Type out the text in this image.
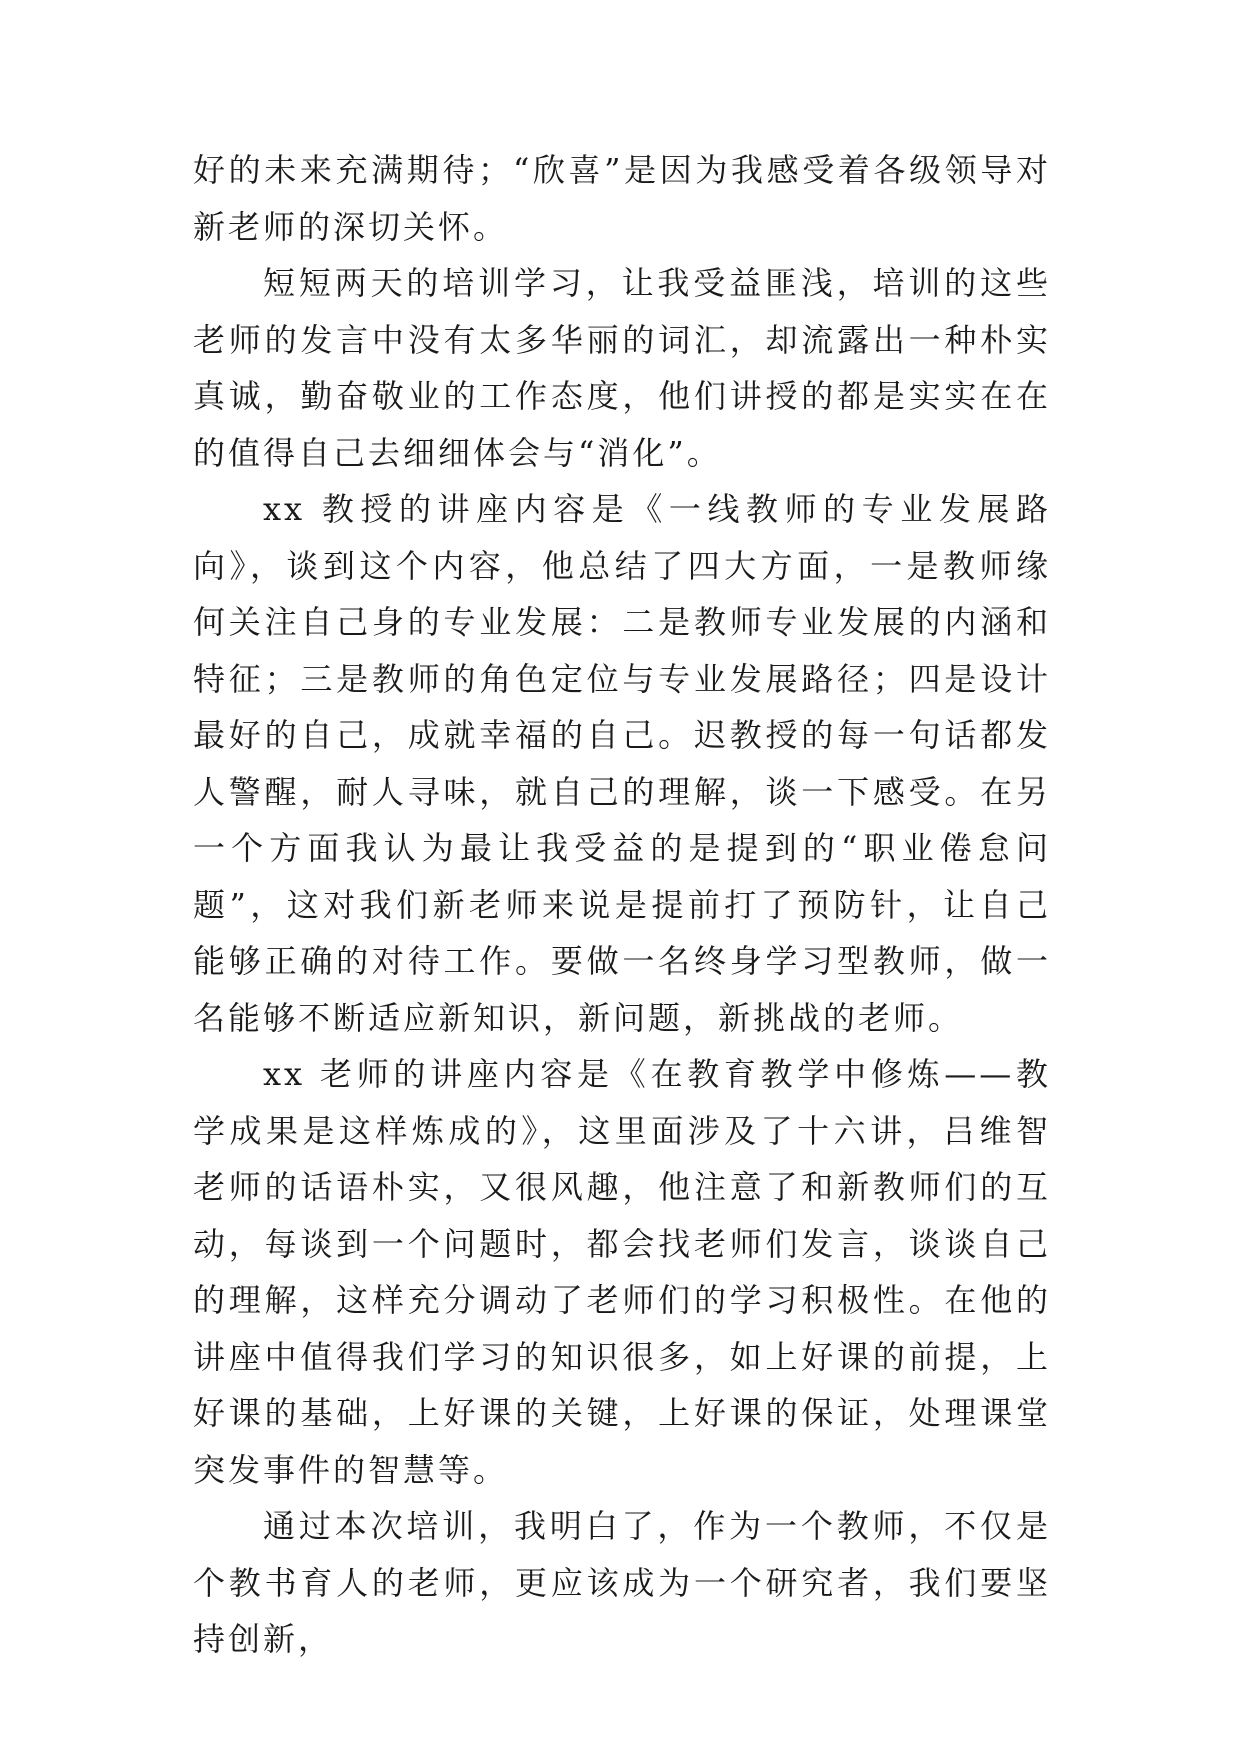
好的未来充满期待；“欣喜”是因为我感受着各级领导对新老师的深切关怀。

短短两天的培训学习，让我受益匪浅，培训的这些老师的发言中没有太多华丽的词汇，却流露出一种朴实真诚，勤奋敬业的工作态度，他们讲授的都是实实在在的值得自己去细细体会与“消化”。

xx 教授的讲座内容是《一线教师的专业发展路向》，谈到这个内容，他总结了四大方面，一是教师缘何关注自己身的专业发展：二是教师专业发展的内涵和特征；三是教师的角色定位与专业发展路径；四是设计最好的自己，成就幸福的自己。迟教授的每一句话都发人警醒，耐人寻味，就自己的理解，谈一下感受。在另一个方面我认为最让我受益的是提到的“职业倦怠问题”，这对我们新老师来说是提前打了预防针，让自己能够正确的对待工作。要做一名终身学习型教师，做一名能够不断适应新知识，新问题，新挑战的老师。

xx 老师的讲座内容是《在教育教学中修炼——教学成果是这样炼成的》，这里面涉及了十六讲，吕维智老师的话语朴实，又很风趣，他注意了和新教师们的互动，每谈到一个问题时，都会找老师们发言，谈谈自己的理解，这样充分调动了老师们的学习积极性。在他的讲座中值得我们学习的知识很多，如上好课的前提，上好课的基础，上好课的关键，上好课的保证，处理课堂突发事件的智慧等。

通过本次培训，我明白了，作为一个教师，不仅是个教书育人的老师，更应该成为一个研究者，我们要坚持创新，
